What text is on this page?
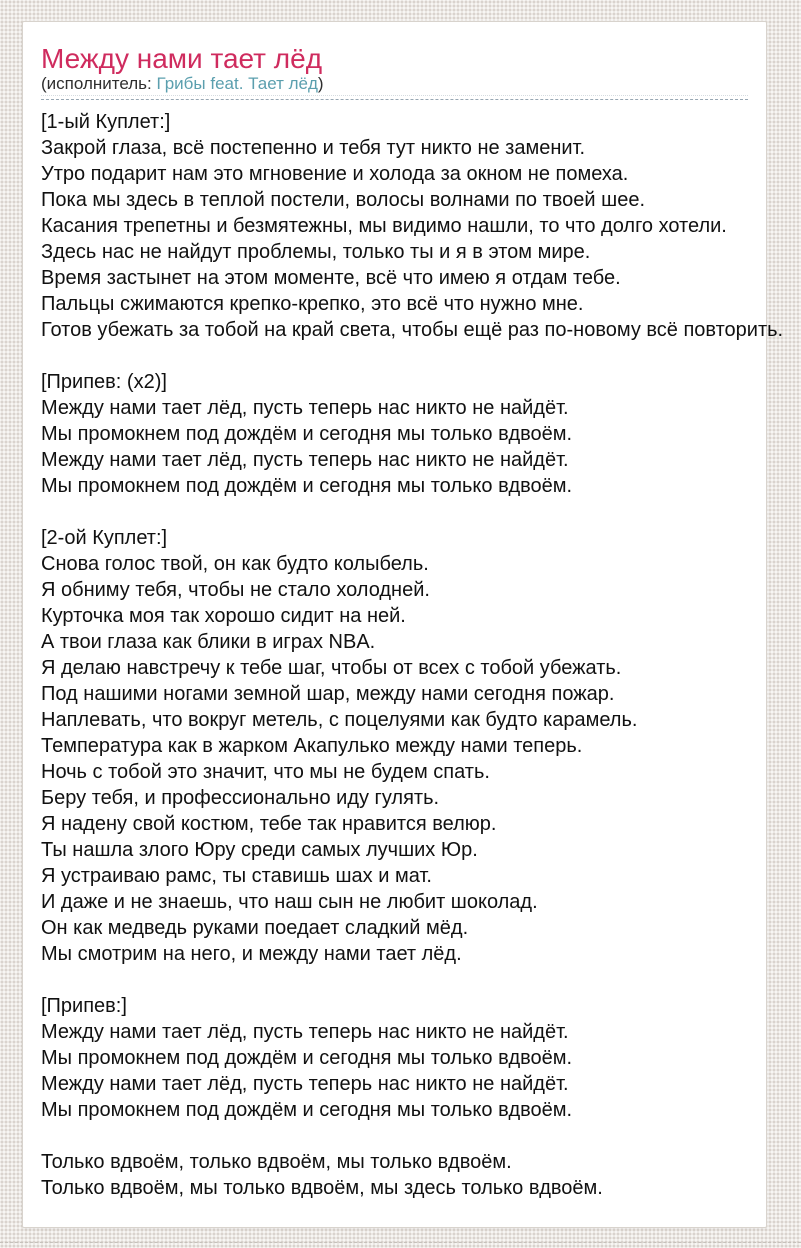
Между нами тает лёд
(исполнитель: Грибы feat. Тает лёд)
[1-ый Куплет:]
Закрой глаза, всё постепенно и тебя тут никто не заменит.
Утро подарит нам это мгновение и холода за окном не помеха.
Пока мы здесь в теплой постели, волосы волнами по твоей шее.
Касания трепетны и безмятежны, мы видимо нашли, то что долго хотели.
Здесь нас не найдут проблемы, только ты и я в этом мире.
Время застынет на этом моменте, всё что имею я отдам тебе.
Пальцы сжимаются крепко-крепко, это всё что нужно мне.
Готов убежать за тобой на край света, чтобы ещё раз по-новому всё повторить.
[Припев: (x2)]
Между нами тает лёд, пусть теперь нас никто не найдёт.
Мы промокнем под дождём и сегодня мы только вдвоём.
Между нами тает лёд, пусть теперь нас никто не найдёт.
Мы промокнем под дождём и сегодня мы только вдвоём.
[2-ой Куплет:]
Снова голос твой, он как будто колыбель.
Я обниму тебя, чтобы не стало холодней.
Курточка моя так хорошо сидит на ней.
А твои глаза как блики в играх NBA.
Я делаю навстречу к тебе шаг, чтобы от всех с тобой убежать.
Под нашими ногами земной шар, между нами сегодня пожар.
Наплевать, что вокруг метель, с поцелуями как будто карамель.
Температура как в жарком Акапулько между нами теперь.
Ночь с тобой это значит, что мы не будем спать.
Беру тебя, и профессионально иду гулять.
Я надену свой костюм, тебе так нравится велюр.
Ты нашла злого Юру среди самых лучших Юр.
Я устраиваю рамс, ты ставишь шах и мат.
И даже и не знаешь, что наш сын не любит шоколад.
Он как медведь руками поедает сладкий мёд.
Мы смотрим на него, и между нами тает лёд.
[Припев:]
Между нами тает лёд, пусть теперь нас никто не найдёт.
Мы промокнем под дождём и сегодня мы только вдвоём.
Между нами тает лёд, пусть теперь нас никто не найдёт.
Мы промокнем под дождём и сегодня мы только вдвоём.
Только вдвоём, только вдвоём, мы только вдвоём.
Только вдвоём, мы только вдвоём, мы здесь только вдвоём.
